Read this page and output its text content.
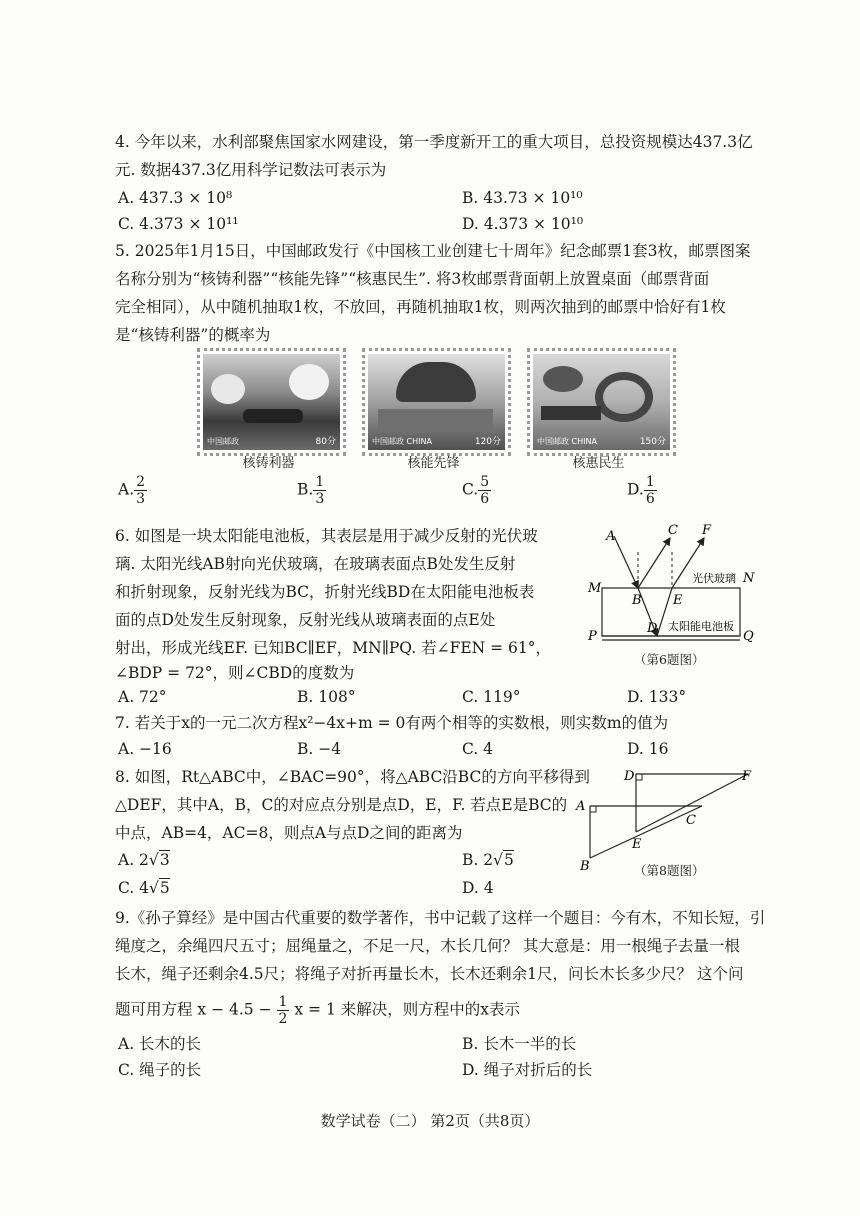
4. 今年以来，水利部聚焦国家水网建设，第一季度新开工的重大项目，总投资规模达437.3亿
元. 数据437.3亿用科学记数法可表示为
A. 437.3 × 10⁸	B. 43.73 × 10¹⁰
C. 4.373 × 10¹¹	D. 4.373 × 10¹⁰
5. 2025年1月15日，中国邮政发行《中国核工业创建七十周年》纪念邮票1套3枚，邮票图案
名称分别为“核铸利器”“核能先锋”“核惠民生”. 将3枚邮票背面朝上放置桌面（邮票背面
完全相同），从中随机抽取1枚，不放回，再随机抽取1枚，则两次抽到的邮票中恰好有1枚
是“核铸利器”的概率为
中国邮政	80分
核铸利器
中国邮政 CHINA	120分
核能先锋
中国邮政 CHINA	150分
核惠民生
A. $\frac{2}{3}$	B. $\frac{1}{3}$	C. $\frac{5}{6}$	D. $\frac{1}{6}$
6. 如图是一块太阳能电池板，其表层是用于减少反射的光伏玻
璃. 太阳光线AB射向光伏玻璃，在玻璃表面点B处发生反射
和折射现象，反射光线为BC，折射光线BD在太阳能电池板表
面的点D处发生反射现象，反射光线从玻璃表面的点E处
射出，形成光线EF. 已知BC∥EF，MN∥PQ. 若∠FEN = 61°，
∠BDP = 72°，则∠CBD的度数为
A	C F
M
N
B E
D
P	Q
光伏玻璃
太阳能电池板
（第6题图）
A. 72°	B. 108°	C. 119°	D. 133°
7. 若关于x的一元二次方程x²−4x+m = 0有两个相等的实数根，则实数m的值为
A. −16	B. −4	C. 4	D. 16
8. 如图，Rt△ABC中，∠BAC=90°，将△ABC沿BC的方向平移得到
△DEF，其中A，B，C的对应点分别是点D，E，F. 若点E是BC的
中点，AB=4，AC=8，则点A与点D之间的距离为
A. 2√3	B. 2√5
C. 4√5	D. 4
A
B
C
D
E
F
（第8题图）
9.《孙子算经》是中国古代重要的数学著作，书中记载了这样一个题目：今有木，不知长短，引
绳度之，余绳四尺五寸；屈绳量之，不足一尺，木长几何？ 其大意是：用一根绳子去量一根
长木，绳子还剩余4.5尺；将绳子对折再量长木，长木还剩余1尺，问长木长多少尺？ 这个问
题可用方程 $x - 4.5 - \frac{1}{2}$ x = 1 来解决，则方程中的x表示
A. 长木的长	B. 长木一半的长
C. 绳子的长	D. 绳子对折后的长
数学试卷（二） 第2页（共8页）
